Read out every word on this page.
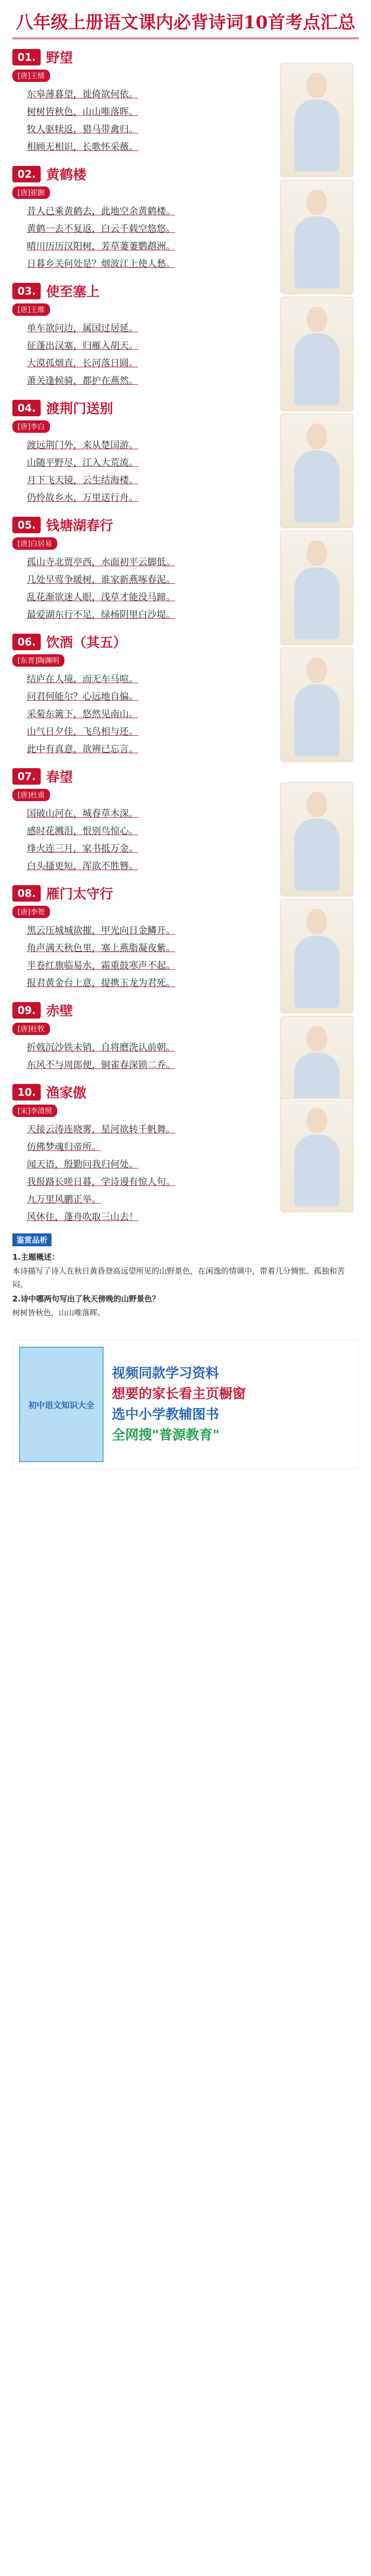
八年级上册语文课内必背诗词10首考点汇总
01. 野望
[唐]王绩
东皋薄暮望，徙倚欲何依。
树树皆秋色，山山唯落晖。
牧人驱犊返，猎马带禽归。
相顾无相识，长歌怀采薇。
02. 黄鹤楼
[唐]崔颢
昔人已乘黄鹤去，此地空余黄鹤楼。
黄鹤一去不复返，白云千载空悠悠。
晴川历历汉阳树，芳草萋萋鹦鹉洲。
日暮乡关何处是？烟波江上使人愁。
03. 使至塞上
[唐]王维
单车欲问边，属国过居延。
征蓬出汉塞，归雁入胡天。
大漠孤烟直，长河落日圆。
萧关逢候骑，都护在燕然。
04. 渡荆门送别
[唐]李白
渡远荆门外，来从楚国游。
山随平野尽，江入大荒流。
月下飞天镜，云生结海楼。
仍怜故乡水，万里送行舟。
05. 钱塘湖春行
[唐]白居易
孤山寺北贾亭西，水面初平云脚低。
几处早莺争暖树，谁家新燕啄春泥。
乱花渐欲迷人眼，浅草才能没马蹄。
最爱湖东行不足，绿杨阴里白沙堤。
06. 饮酒（其五）
[东晋]陶渊明
结庐在人境，而无车马喧。
问君何能尔？心远地自偏。
采菊东篱下，悠然见南山。
山气日夕佳，飞鸟相与还。
此中有真意，欲辨已忘言。
07. 春望
[唐]杜甫
国破山河在，城春草木深。
感时花溅泪，恨别鸟惊心。
烽火连三月，家书抵万金。
白头搔更短，浑欲不胜簪。
08. 雁门太守行
[唐]李贺
黑云压城城欲摧，甲光向日金鳞开。
角声满天秋色里，塞上燕脂凝夜紫。
半卷红旗临易水，霜重鼓寒声不起。
报君黄金台上意，提携玉龙为君死。
09. 赤壁
[唐]杜牧
折戟沉沙铁未销，自将磨洗认前朝。
东风不与周郎便，铜雀春深锁二乔。
10. 渔家傲
[宋]李清照
天接云涛连晓雾，星河欲转千帆舞。
仿佛梦魂归帝所。
闻天语，殷勤问我归何处。
我报路长嗟日暮，学诗谩有惊人句。
九万里风鹏正举。
风休住，蓬舟吹取三山去！
鉴赏品析
1.主题概述：
本诗描写了诗人在秋日黄昏登高远望所见的山野景色，在闲逸的情调中，带着几分惆怅、孤独和苦闷。
2.诗中哪两句写出了秋天傍晚的山野景色？
树树皆秋色，山山唯落晖。
初中语文知识大全
视频同款学习资料
想要的家长看主页橱窗
选中小学教辅图书
全网搜"普源教育"
